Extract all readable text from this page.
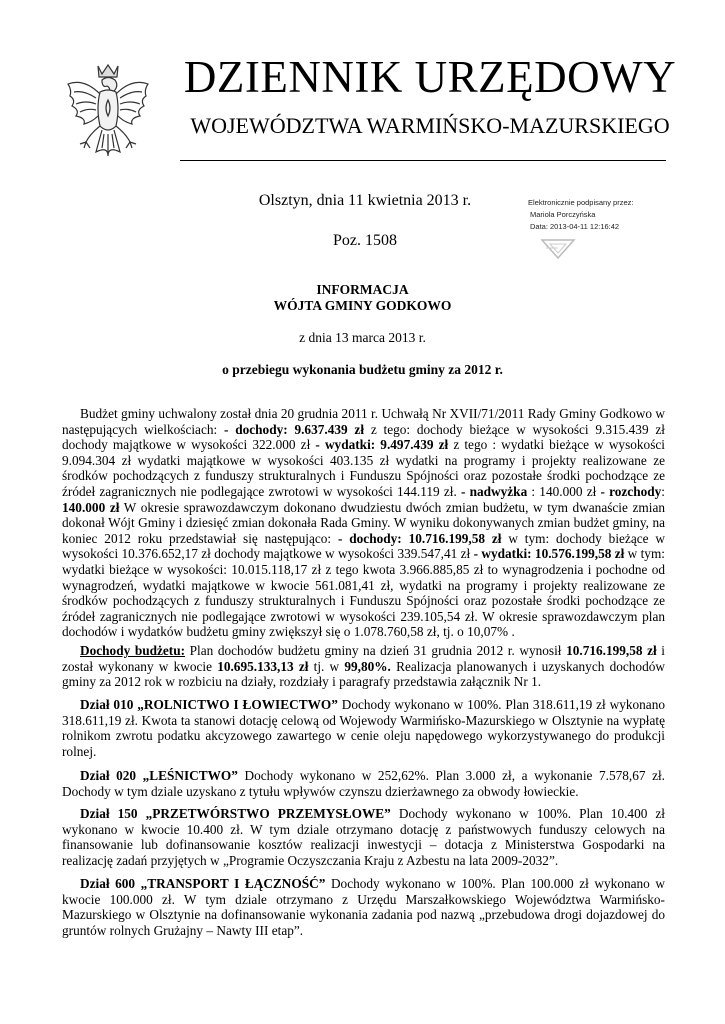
DZIENNIK URZĘDOWY
WOJEWÓDZTWA WARMIŃSKO-MAZURSKIEGO
Olsztyn, dnia 11 kwietnia 2013 r.
Poz. 1508
Elektronicznie podpisany przez:
Mariola Porczyńska
Data: 2013-04-11 12:16:42
INFORMACJA
WÓJTA GMINY GODKOWO
z dnia 13 marca 2013 r.
o przebiegu wykonania budżetu gminy za 2012 r.

Budżet gminy uchwalony został dnia 20 grudnia 2011 r. Uchwałą Nr XVII/71/2011 Rady Gminy Godkowo w następujących wielkościach: - dochody: 9.637.439 zł z tego: dochody bieżące w wysokości 9.315.439 zł dochody majątkowe w wysokości 322.000 zł - wydatki: 9.497.439 zł z tego : wydatki bieżące w wysokości 9.094.304 zł wydatki majątkowe w wysokości 403.135 zł wydatki na programy i projekty realizowane ze środków pochodzących z funduszy strukturalnych i Funduszu Spójności oraz pozostałe środki pochodzące ze źródeł zagranicznych nie podlegające zwrotowi w wysokości 144.119 zł. - nadwyżka : 140.000 zł - rozchody: 140.000 zł W okresie sprawozdawczym dokonano dwudziestu dwóch zmian budżetu, w tym dwanaście zmian dokonał Wójt Gminy i dziesięć zmian dokonała Rada Gminy. W wyniku dokonywanych zmian budżet gminy, na koniec 2012 roku przedstawiał się następująco: - dochody: 10.716.199,58 zł w tym: dochody bieżące w wysokości 10.376.652,17 zł dochody majątkowe w wysokości 339.547,41 zł - wydatki: 10.576.199,58 zł w tym: wydatki bieżące w wysokości: 10.015.118,17 zł z tego kwota 3.966.885,85 zł to wynagrodzenia i pochodne od wynagrodzeń, wydatki majątkowe w kwocie 561.081,41 zł, wydatki na programy i projekty realizowane ze środków pochodzących z funduszy strukturalnych i Funduszu Spójności oraz pozostałe środki pochodzące ze źródeł zagranicznych nie podlegające zwrotowi w wysokości 239.105,54 zł. W okresie sprawozdawczym plan dochodów i wydatków budżetu gminy zwiększył się o 1.078.760,58 zł, tj. o 10,07% .

Dochody budżetu: Plan dochodów budżetu gminy na dzień 31 grudnia 2012 r. wynosił 10.716.199,58 zł i został wykonany w kwocie 10.695.133,13 zł tj. w 99,80%. Realizacja planowanych i uzyskanych dochodów gminy za 2012 rok w rozbiciu na działy, rozdziały i paragrafy przedstawia załącznik Nr 1.

Dział 010 „ROLNICTWO I ŁOWIECTWO” Dochody wykonano w 100%. Plan 318.611,19 zł wykonano 318.611,19 zł. Kwota ta stanowi dotację celową od Wojewody Warmińsko-Mazurskiego w Olsztynie na wypłatę rolnikom zwrotu podatku akcyzowego zawartego w cenie oleju napędowego wykorzystywanego do produkcji rolnej.

Dział 020 „LEŚNICTWO” Dochody wykonano w 252,62%. Plan 3.000 zł, a wykonanie 7.578,67 zł. Dochody w tym dziale uzyskano z tytułu wpływów czynszu dzierżawnego za obwody łowieckie.

Dział 150 „PRZETWÓRSTWO PRZEMYSŁOWE” Dochody wykonano w 100%. Plan 10.400 zł wykonano w kwocie 10.400 zł. W tym dziale otrzymano dotację z państwowych funduszy celowych na finansowanie lub dofinansowanie kosztów realizacji inwestycji – dotacja z Ministerstwa Gospodarki na realizację zadań przyjętych w „Programie Oczyszczania Kraju z Azbestu na lata 2009-2032”.

Dział 600 „TRANSPORT I ŁĄCZNOŚĆ” Dochody wykonano w 100%. Plan 100.000 zł wykonano w kwocie 100.000 zł. W tym dziale otrzymano z Urzędu Marszałkowskiego Województwa Warmińsko-Mazurskiego w Olsztynie na dofinansowanie wykonania zadania pod nazwą „przebudowa drogi dojazdowej do gruntów rolnych Grużajny – Nawty III etap”.
